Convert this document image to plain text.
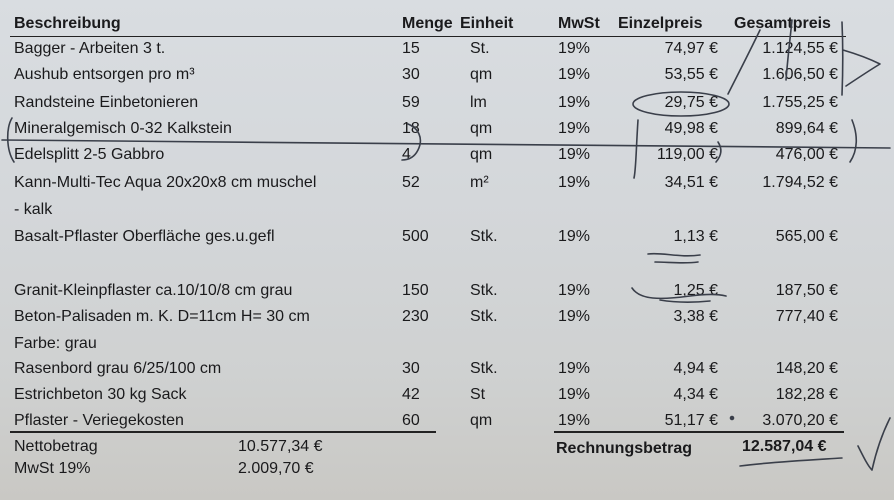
Beschreibung	Menge Einheit	MwSt Einzelpreis Gesamtpreis
Bagger - Arbeiten 3 t.	15	St.	19%	74,97 €	1.124,55 €
Aushub entsorgen pro m³	30	qm	19%	53,55 €	1.606,50 €
Randsteine Einbetonieren	59	lm	19%	29,75 €	1.755,25 €
Mineralgemisch 0-32 Kalkstein	18	qm	19%	49,98 €	899,64 €
Edelsplitt 2-5 Gabbro	4	qm	19%	119,00 €	476,00 €
Kann-Multi-Tec Aqua 20x20x8 cm muschel	52	m²	19%	34,51 €	1.794,52 €
- kalk
Basalt-Pflaster Oberfläche ges.u.gefl	500	Stk.	19%	1,13 €	565,00 €
Granit-Kleinpflaster ca.10/10/8 cm grau	150	Stk.	19%	1,25 €	187,50 €
Beton-Palisaden m. K. D=11cm H= 30 cm	230	Stk.	19%	3,38 €	777,40 €
Farbe: grau
Rasenbord grau 6/25/100 cm	30	Stk.	19%	4,94 €	148,20 €
Estrichbeton 30 kg Sack	42	St	19%	4,34 €	182,28 €
Pflaster - Veriegekosten	60	qm	19%	51,17 €	3.070,20 €
Nettobetrag	10.577,34 €
MwSt 19%	2.009,70 €
Rechnungsbetrag	12.587,04 €
